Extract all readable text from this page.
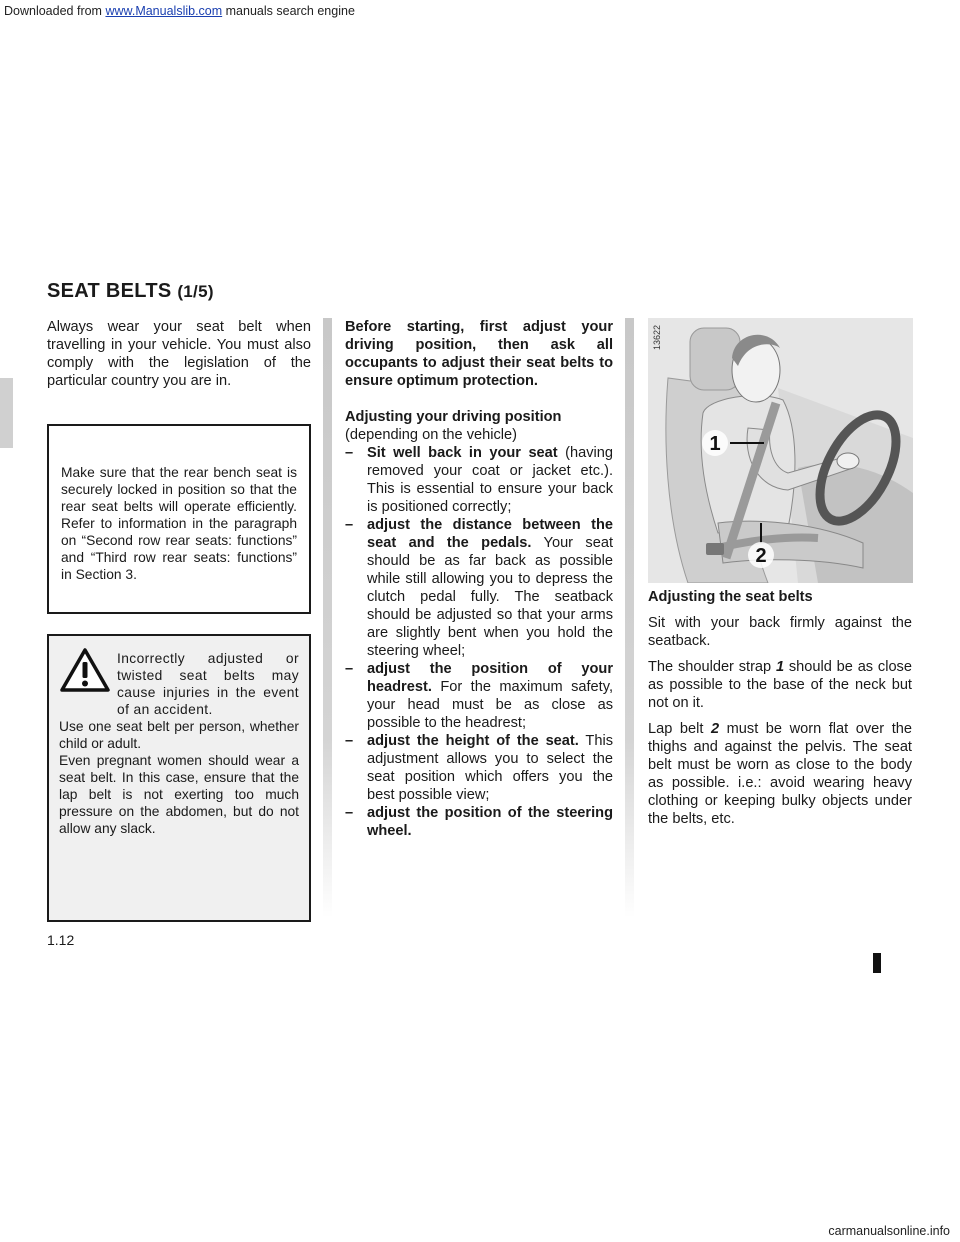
Downloaded from www.Manualslib.com manuals search engine
SEAT BELTS (1/5)

Always wear your seat belt when travelling in your vehicle. You must also comply with the legislation of the particular country you are in.

Make sure that the rear bench seat is securely locked in position so that the rear seat belts will operate efficiently. Refer to information in the paragraph on “Second row rear seats: functions” and “Third row rear seats: functions” in Section 3.

Incorrectly adjusted or twisted seat belts may cause injuries in the event of an accident.

Use one seat belt per person, whether child or adult.

Even pregnant women should wear a seat belt. In this case, ensure that the lap belt is not exerting too much pressure on the abdomen, but do not allow any slack.

Before starting, first adjust your driving position, then ask all occupants to adjust their seat belts to ensure optimum protection.

Adjusting your driving position

(depending on the vehicle)

– Sit well back in your seat (having removed your coat or jacket etc.). This is essential to ensure your back is positioned correctly;
– adjust the distance between the seat and the pedals. Your seat should be as far back as possible while still allowing you to depress the clutch pedal fully. The seatback should be adjusted so that your arms are slightly bent when you hold the steering wheel;
– adjust the position of your headrest. For the maximum safety, your head must be as close as possible to the headrest;
– adjust the height of the seat. This adjustment allows you to select the seat position which offers you the best possible view;
– adjust the position of the steering wheel.
1
2
13622

Adjusting the seat belts

Sit with your back firmly against the seatback.

The shoulder strap 1 should be as close as possible to the base of the neck but not on it.

Lap belt 2 must be worn flat over the thighs and against the pelvis. The seat belt must be worn as close to the body as possible. i.e.: avoid wearing heavy clothing or keeping bulky objects under the belts, etc.

1.12
carmanualsonline.info
